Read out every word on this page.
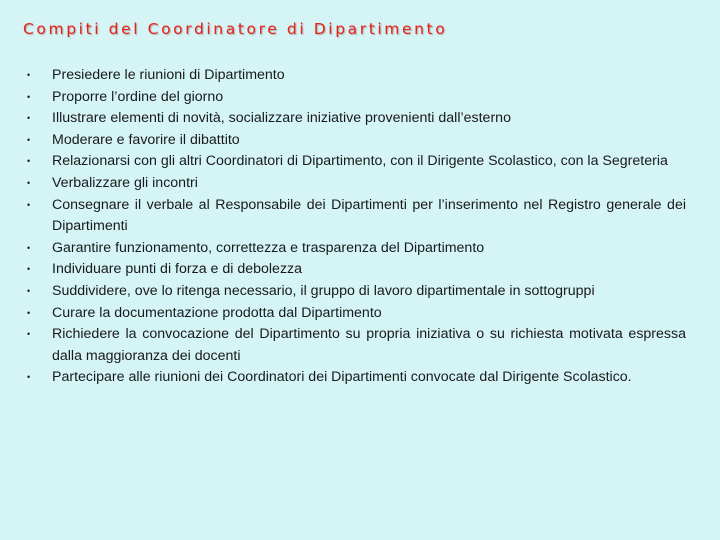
Compiti del Coordinatore di Dipartimento
•	Presiedere le riunioni di Dipartimento
•	Proporre l’ordine del giorno
•	Illustrare elementi di novità, socializzare iniziative provenienti dall’esterno
•	Moderare e favorire il dibattito
•	Relazionarsi con gli altri Coordinatori di Dipartimento, con il Dirigente Scolastico, con la Segreteria
•	Verbalizzare gli incontri
•	Consegnare il verbale al Responsabile dei Dipartimenti per l’inserimento nel Registro generale dei Dipartimenti
•	Garantire funzionamento, correttezza e trasparenza del Dipartimento
•	Individuare punti di forza e di debolezza
•	Suddividere, ove lo ritenga necessario, il gruppo di lavoro dipartimentale in sottogruppi
•	Curare la documentazione prodotta dal Dipartimento
•	Richiedere la convocazione del Dipartimento su propria iniziativa o su richiesta motivata espressa dalla maggioranza dei docenti
•	Partecipare alle riunioni dei Coordinatori dei Dipartimenti convocate dal Dirigente Scolastico.
